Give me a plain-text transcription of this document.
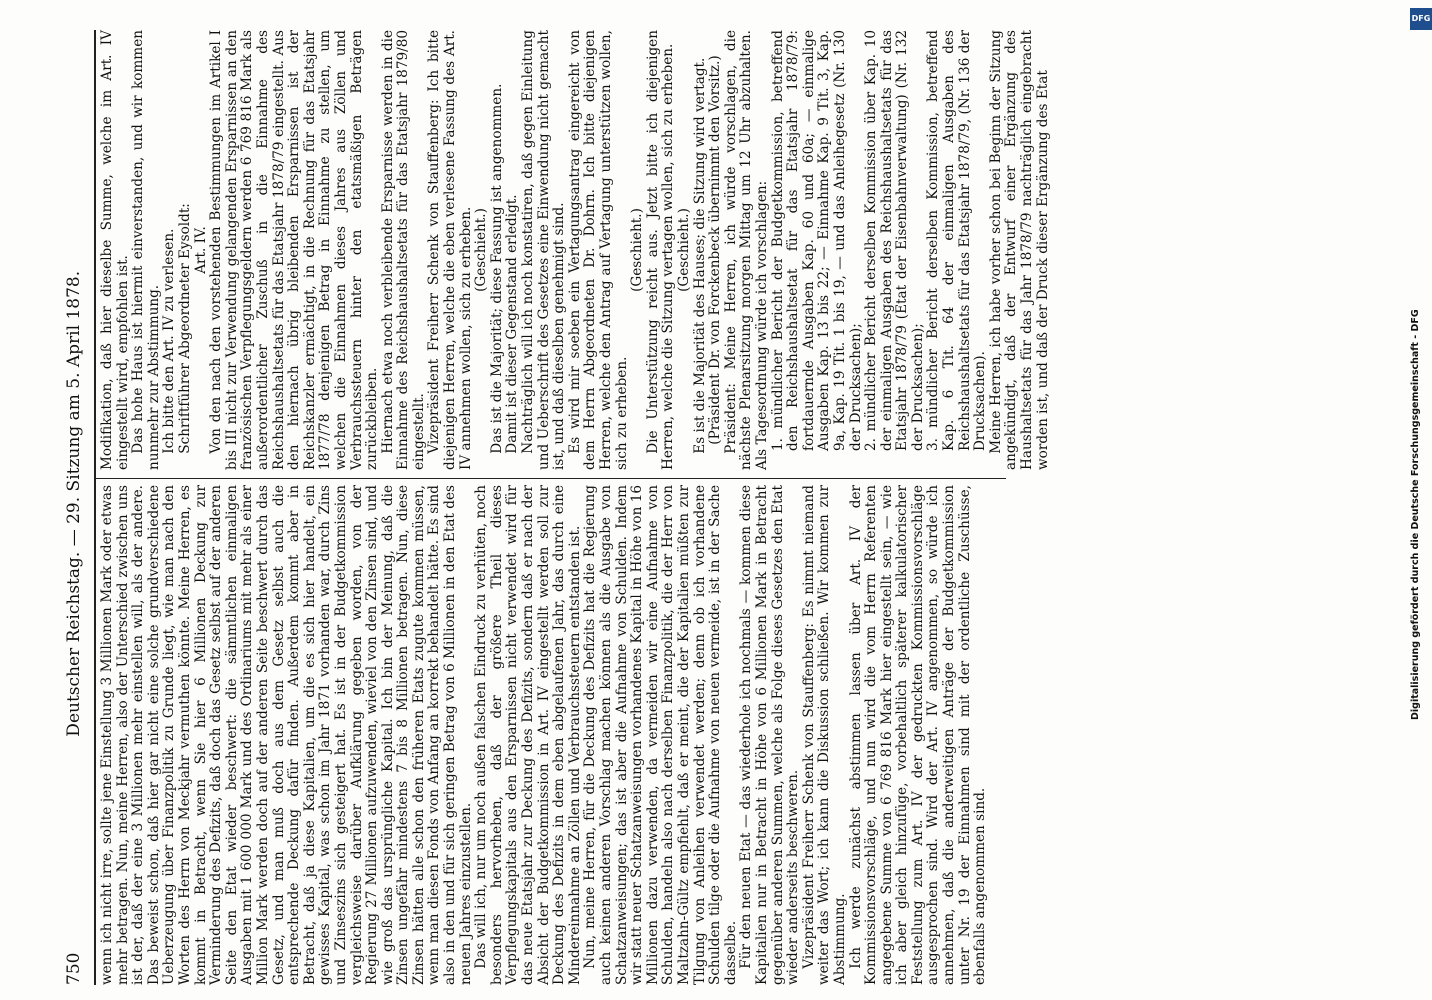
750
Deutscher Reichstag. — 29. Sitzung am 5. April 1878. wenn ich nicht irre, sollte jene Einstellung 3 Millionen Mark oder etwas mehr betragen. Nun, meine Herren, also der Unterschied zwischen uns ist der, daß der eine 3 Millionen mehr einstellen will, als der andere. Das beweist schon, daß hier gar nicht eine solche grundverschiedene Ueberzeugung über Finanzpolitik zu Grunde liegt, wie man nach den Worten des Herrn von Meckjahr vermuthen könnte. Meine Herren, es kommt in Betracht, wenn Sie hier 6 Millionen Deckung zur Verminderung des Defizits, daß doch das Gesetz selbst auf der anderen Seite den Etat wieder beschwert: die sämmtlichen einmaligen Ausgaben mit 1 600 000 Mark und des Ordinariums mit mehr als einer Million Mark werden doch auf der anderen Seite beschwert durch das Gesetz, und man muß doch aus dem Gesetz selbst auch die entsprechende Deckung dafür finden. Außerdem kommt aber in Betracht, daß ja diese Kapitalien, um die es sich hier handelt, ein gewisses Kapital, was schon im Jahr 1871 vorhanden war, durch Zins und Zinseszins sich gesteigert hat. Es ist in der Budgetkommission vergleichsweise darüber Aufklärung gegeben worden, von der Regierung 27 Millionen aufzuwenden, wieviel von den Zinsen sind, und wie groß das ursprüngliche Kapital. Ich bin der Meinung, daß die Zinsen ungefähr mindestens 7 bis 8 Millionen betragen. Nun, diese Zinsen hätten alle schon den früheren Etats zugute kommen müssen, wenn man diesen Fonds von Anfang an korrekt behandelt hätte. Es sind also in den und für sich geringen Betrag von 6 Millionen in den Etat des neuen Jahres einzustellen. Das will ich, nur um noch außen falschen Eindruck zu verhüten, noch besonders hervorheben, daß der größere Theil dieses Verpflegungskapitals aus den Ersparnissen nicht verwendet wird für das neue Etatsjahr zur Deckung des Defizits, sondern daß er nach der Absicht der Budgetkommission in Art. IV eingestellt werden soll zur Deckung des Defizits in dem eben abgelaufenen Jahr, das durch eine Mindereinnahme an Zöllen und Verbrauchssteuern entstanden ist. Nun, meine Herren, für die Deckung des Defizits hat die Regierung auch keinen anderen Vorschlag machen können als die Ausgabe von Schatzanweisungen; das ist aber die Aufnahme von Schulden. Indem wir statt neuer Schatzanweisungen vorhandenes Kapital in Höhe von 16 Millionen dazu verwenden, da vermeiden wir eine Aufnahme von Schulden, handeln also nach derselben Finanzpolitik, die der Herr von Maltzahn-Gültz empfiehlt, daß er meint, die der Kapitalien müßten zur Tilgung von Anleihen verwendet werden; denn ob ich vorhandene Schulden tilge oder die Aufnahme von neuen vermeide, ist in der Sache dasselbe. Für den neuen Etat — das wiederhole ich nochmals — kommen diese Kapitalien nur in Betracht in Höhe von 6 Millionen Mark in Betracht gegenüber anderen Summen, welche als Folge dieses Gesetzes den Etat wieder anderseits beschweren. Vizepräsident Freiherr Schenk von Stauffenberg: Es nimmt niemand weiter das Wort; ich kann die Diskussion schließen. Wir kommen zur Abstimmung. Ich werde zunächst abstimmen lassen über Art. IV der Kommissionsvorschläge, und nun wird die vom Herrn Referenten angegebene Summe von 6 769 816 Mark hier eingestellt sein, — wie ich aber gleich hinzufüge, vorbehaltlich späterer kalkulatorischer Feststellung zum Art. IV der gedruckten Kommissionsvorschläge ausgesprochen sind. Wird der Art. IV angenommen, so würde ich annehmen, daß die anderweitigen Anträge der Budgetkommission unter Nr. 19 der Einnahmen sind mit der ordentliche Zuschüsse, ebenfalls angenommen sind.

Modifikation, daß hier dieselbe Summe, welche im Art. IV eingestellt wird, empfohlen ist. Das hohe Haus ist hiermit einverstanden, und wir kommen nunmehr zur Abstimmung. Ich bitte den Art. IV zu verlesen. Schriftführer Abgeordneter Eysoldt: Art. IV. Von den nach den vorstehenden Bestimmungen im Artikel I bis III nicht zur Verwendung gelangenden Ersparnissen an den französischen Verpflegungsgeldern werden 6 769 816 Mark als außerordentlicher Zuschuß in die Einnahme des Reichshaushaltsetats für das Etatsjahr 1878/79 eingestellt. Aus den hiernach übrig bleibenden Ersparnissen ist der Reichskanzler ermächtigt, in die Rechnung für das Etatsjahr 1877/78 denjenigen Betrag in Einnahme zu stellen, um welchen die Einnahmen dieses Jahres aus Zöllen und Verbrauchssteuern hinter den etatsmäßigen Beträgen zurückbleiben. Hiernach etwa noch verbleibende Ersparnisse werden in die Einnahme des Reichshaushaltsetats für das Etatsjahr 1879/80 eingestellt. Vizepräsident Freiherr Schenk von Stauffenberg: Ich bitte diejenigen Herren, welche die eben verlesene Fassung des Art. IV annehmen wollen, sich zu erheben. (Geschieht.) Das ist die Majorität; diese Fassung ist angenommen. Damit ist dieser Gegenstand erledigt. Nachträglich will ich noch konstatiren, daß gegen Einleitung und Ueberschrift des Gesetzes eine Einwendung nicht gemacht ist, und daß dieselben genehmigt sind. Es wird mir soeben ein Vertagungsantrag eingereicht von dem Herrn Abgeordneten Dr. Dohrn. Ich bitte diejenigen Herren, welche den Antrag auf Vertagung unterstützen wollen, sich zu erheben.

(Geschieht.) Die Unterstützung reicht aus. Jetzt bitte ich diejenigen Herren, welche die Sitzung vertagen wollen, sich zu erheben. (Geschieht.) Es ist die Majorität des Hauses; die Sitzung wird vertagt. (Präsident Dr. von Forckenbeck übernimmt den Vorsitz.) Präsident: Meine Herren, ich würde vorschlagen, die nächste Plenarsitzung morgen Mittag um 12 Uhr abzuhalten. Als Tagesordnung würde ich vorschlagen: 1. mündlicher Bericht der Budgetkommission, betreffend den Reichshaushaltsetat für das Etatsjahr 1878/79: fortdauernde Ausgaben Kap. 60 und 60a; — einmalige Ausgaben Kap. 13 bis 22; — Einnahme Kap. 9 Tit. 3, Kap. 9a, Kap. 19 Tit. 1 bis 19, — und das Anleihegesetz (Nr. 130 der Drucksachen); 2. mündlicher Bericht derselben Kommission über Kap. 10 der einmaligen Ausgaben des Reichshaushaltsetats für das Etatsjahr 1878/79 (Etat der Eisenbahnverwaltung) (Nr. 132 der Drucksachen); 3. mündlicher Bericht derselben Kommission, betreffend Kap. 6 Tit. 64 der einmaligen Ausgaben des Reichshaushaltsetats für das Etatsjahr 1878/79, (Nr. 136 der Drucksachen). Meine Herren, ich habe vorher schon bei Beginn der Sitzung angekündigt, daß der Entwurf einer Ergänzung des Haushaltsetats für das Jahr 1878/79 nachträglich eingebracht worden ist, und daß der Druck dieser Ergänzung des Etat

DFG
Digitalisierung gefördert durch die Deutsche Forschungsgemeinschaft - DFG
